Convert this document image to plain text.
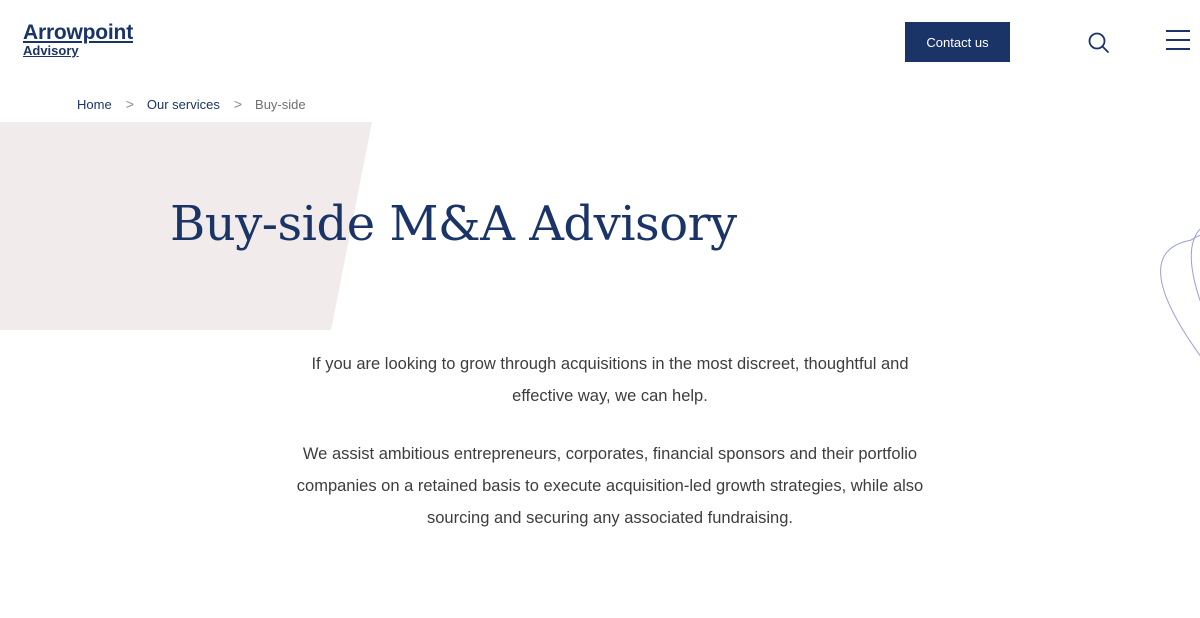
Arrowpoint
Advisory
Contact us
Home > Our services > Buy-side
Buy-side M&A Advisory

If you are looking to grow through acquisitions in the most discreet, thoughtful and effective way, we can help.

We assist ambitious entrepreneurs, corporates, financial sponsors and their portfolio companies on a retained basis to execute acquisition-led growth strategies, while also sourcing and securing any associated fundraising.
